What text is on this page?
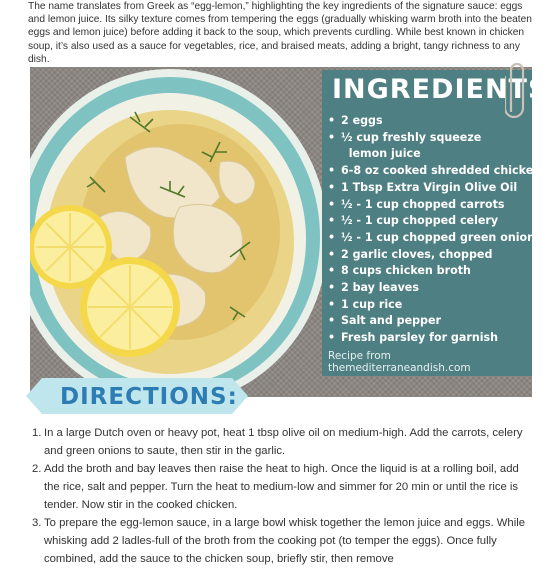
The name translates from Greek as “egg-lemon,” highlighting the key ingredients of the signature sauce: eggs and lemon juice. Its silky texture comes from tempering the eggs (gradually whisking warm broth into the beaten eggs and lemon juice) before adding it back to the soup, which prevents curdling. While best known in chicken soup, it’s also used as a sauce for vegetables, rice, and braised meats, adding a bright, tangy richness to any dish.
INGREDIENTS
• 2 eggs
• ½ cup freshly squeeze
lemon juice
• 6-8 oz cooked shredded chicken
• 1 Tbsp Extra Virgin Olive Oil
• ½ - 1 cup chopped carrots
• ½ - 1 cup chopped celery
• ½ - 1 cup chopped green onions
• 2 garlic cloves, chopped
• 8 cups chicken broth
• 2 bay leaves
• 1 cup rice
• Salt and pepper
• Fresh parsley for garnish
Recipe from themediterraneandish.com
DIRECTIONS:
1. In a large Dutch oven or heavy pot, heat 1 tbsp olive oil on medium-high. Add the carrots, celery and green onions to saute, then stir in the garlic.
2. Add the broth and bay leaves then raise the heat to high. Once the liquid is at a rolling boil, add the rice, salt and pepper. Turn the heat to medium-low and simmer for 20 min or until the rice is tender. Now stir in the cooked chicken.
3. To prepare the egg-lemon sauce, in a large bowl whisk together the lemon juice and eggs. While whisking add 2 ladles-full of the broth from the cooking pot (to temper the eggs). Once fully combined, add the sauce to the chicken soup, briefly stir, then remove
